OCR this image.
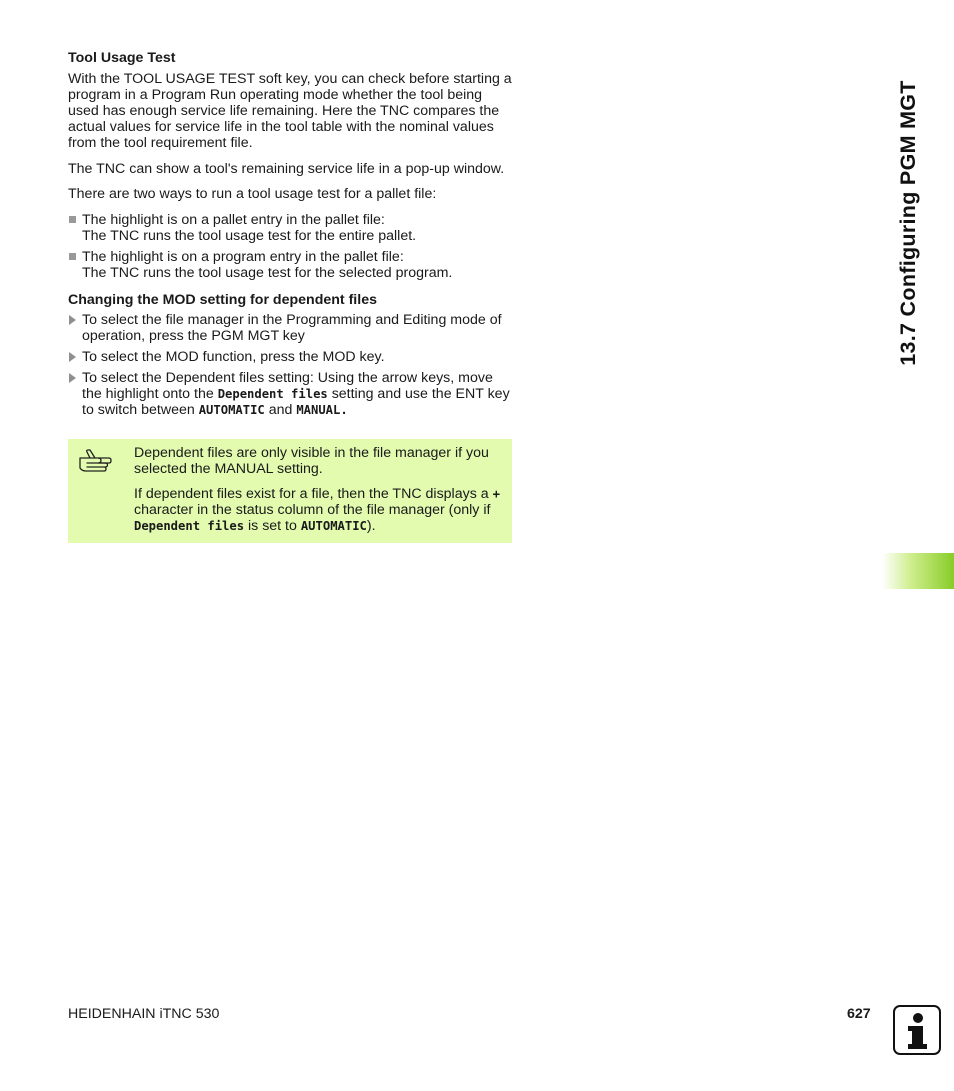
Tool Usage Test

With the TOOL USAGE TEST soft key, you can check before starting a program in a Program Run operating mode whether the tool being used has enough service life remaining. Here the TNC compares the actual values for service life in the tool table with the nominal values from the tool requirement file.

The TNC can show a tool's remaining service life in a pop-up window.

There are two ways to run a tool usage test for a pallet file:

The highlight is on a pallet entry in the pallet file:
The TNC runs the tool usage test for the entire pallet.
The highlight is on a program entry in the pallet file:
The TNC runs the tool usage test for the selected program.
Changing the MOD setting for dependent files
To select the file manager in the Programming and Editing mode of operation, press the PGM MGT key
To select the MOD function, press the MOD key.
To select the Dependent files setting: Using the arrow keys, move the highlight onto the Dependent files setting and use the ENT key to switch between AUTOMATIC and MANUAL.

Dependent files are only visible in the file manager if you selected the MANUAL setting.

If dependent files exist for a file, then the TNC displays a + character in the status column of the file manager (only if Dependent files is set to AUTOMATIC).

13.7 Configuring PGM MGT
HEIDENHAIN iTNC 530	627
